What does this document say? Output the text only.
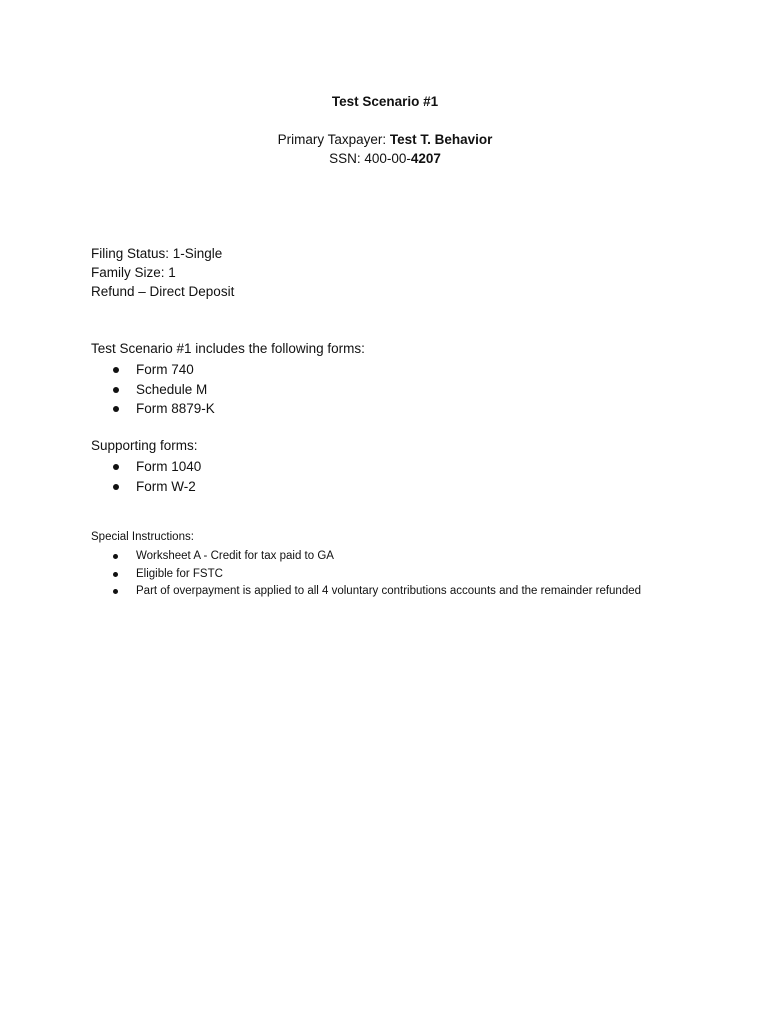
Test Scenario #1
Primary Taxpayer: Test T. Behavior
SSN: 400-00-4207
Filing Status: 1-Single
Family Size: 1
Refund – Direct Deposit
Test Scenario #1 includes the following forms:
Form 740
Schedule M
Form 8879-K
Supporting forms:
Form 1040
Form W-2
Special Instructions:
Worksheet A - Credit for tax paid to GA
Eligible for FSTC
Part of overpayment is applied to all 4 voluntary contributions accounts and the remainder refunded
